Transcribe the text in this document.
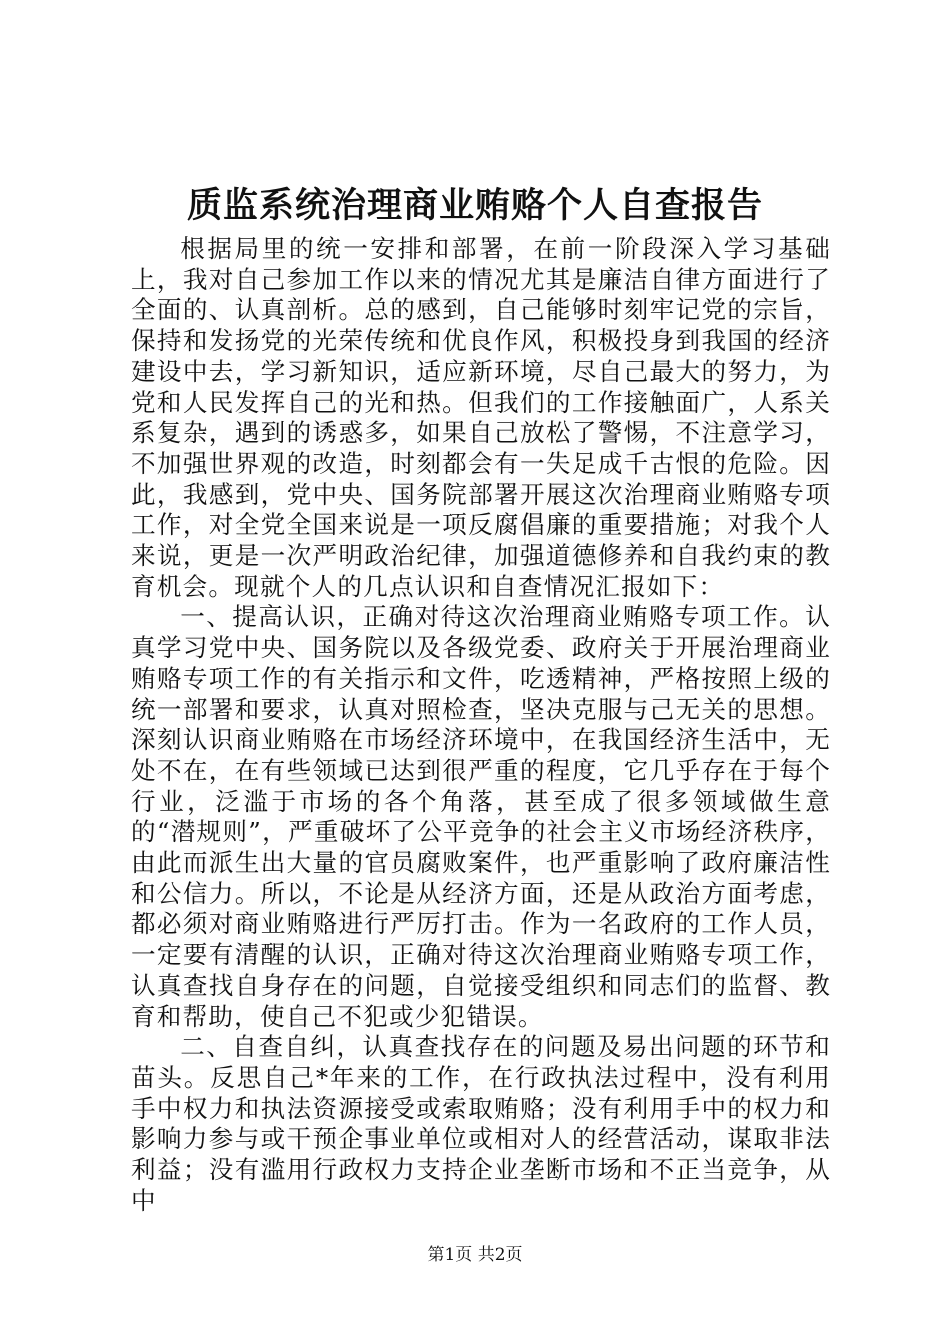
质监系统治理商业贿赂个人自查报告

根据局里的统一安排和部署，在前一阶段深入学习基础上，我对自己参加工作以来的情况尤其是廉洁自律方面进行了全面的、认真剖析。总的感到，自己能够时刻牢记党的宗旨，保持和发扬党的光荣传统和优良作风，积极投身到我国的经济建设中去，学习新知识，适应新环境，尽自己最大的努力，为党和人民发挥自己的光和热。但我们的工作接触面广，人系关系复杂，遇到的诱惑多，如果自己放松了警惕，不注意学习，不加强世界观的改造，时刻都会有一失足成千古恨的危险。因此，我感到，党中央、国务院部署开展这次治理商业贿赂专项工作，对全党全国来说是一项反腐倡廉的重要措施；对我个人来说，更是一次严明政治纪律，加强道德修养和自我约束的教育机会。现就个人的几点认识和自查情况汇报如下：

一、提高认识，正确对待这次治理商业贿赂专项工作。认真学习党中央、国务院以及各级党委、政府关于开展治理商业贿赂专项工作的有关指示和文件，吃透精神，严格按照上级的统一部署和要求，认真对照检查，坚决克服与己无关的思想。深刻认识商业贿赂在市场经济环境中，在我国经济生活中，无处不在，在有些领域已达到很严重的程度，它几乎存在于每个行业，泛滥于市场的各个角落，甚至成了很多领域做生意的“潜规则”，严重破坏了公平竞争的社会主义市场经济秩序，由此而派生出大量的官员腐败案件，也严重影响了政府廉洁性和公信力。所以，不论是从经济方面，还是从政治方面考虑，都必须对商业贿赂进行严厉打击。作为一名政府的工作人员，一定要有清醒的认识，正确对待这次治理商业贿赂专项工作，认真查找自身存在的问题，自觉接受组织和同志们的监督、教育和帮助，使自己不犯或少犯错误。

二、自查自纠，认真查找存在的问题及易出问题的环节和苗头。反思自己*年来的工作，在行政执法过程中，没有利用手中权力和执法资源接受或索取贿赂；没有利用手中的权力和影响力参与或干预企事业单位或相对人的经营活动，谋取非法利益；没有滥用行政权力支持企业垄断市场和不正当竞争，从中

第1页 共2页
